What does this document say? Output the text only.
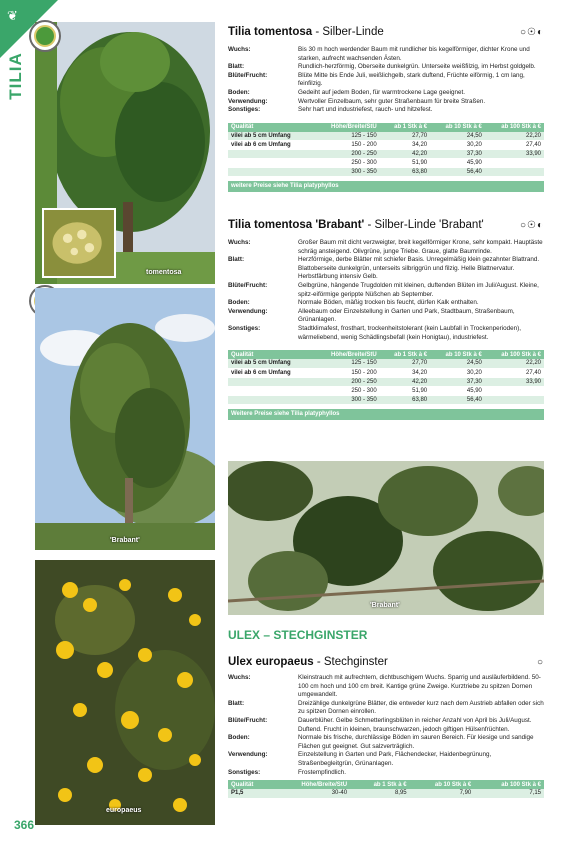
❦
TILIA
tomentosa
'Brabant'
europaeus
'Brabant'
Tilia tomentosa - Silber-Linde	○☉◐
Wuchs:	Bis 30 m hoch werdender Baum mit rundlicher bis kegelförmiger, dichter Krone und starken, aufrecht wachsenden Ästen.
Blatt:	Rundlich-herzförmig, Oberseite dunkelgrün. Unterseite weißfilzig, im Herbst goldgelb.
Blüte/Frucht:	Blüte Mitte bis Ende Juli, weißlichgelb, stark duftend, Früchte eiförmig, 1 cm lang, feinfilzig.
Boden:	Gedeiht auf jedem Boden, für warmtrockene Lage geeignet.
Verwendung:	Wertvoller Einzelbaum, sehr guter Straßenbaum für breite Straßen.
Sonstiges:	Sehr hart und industriefest, rauch- und hitzefest.
Qualität	Höhe/Breite/StU	ab 1 Stk à €	ab 10 Stk à €	ab 100 Stk à €
vilei ab 5 cm Umfang	125 - 150	27,70	24,50	22,20
vilei ab 6 cm Umfang	150 - 200	34,20	30,20	27,40
	200 - 250	42,20	37,30	33,90
	250 - 300	51,90	45,90	
	300 - 350	63,80	56,40	
weitere Preise siehe Tilia platyphyllos
Tilia tomentosa 'Brabant' - Silber-Linde 'Brabant'	○☉◐
Wuchs:	Großer Baum mit dicht verzweigter, breit kegelförmiger Krone, sehr kompakt. Hauptäste schräg ansteigend. Olivgrüne, junge Triebe. Graue, glatte Baumrinde.
Blatt:	Herzförmige, derbe Blätter mit schiefer Basis. Unregelmäßig klein gezahnter Blattrand. Blattoberseite dunkelgrün, unterseits silbriggrün und filzig. Helle Blattnervatur. Herbstfärbung intensiv Gelb.
Blüte/Frucht:	Gelbgrüne, hängende Trugdolden mit kleinen, duftenden Blüten im Juli/August. Kleine, spitz-eiförmige gerippte Nüßchen ab September.
Boden:	Normale Böden, mäßig trocken bis feucht, dürfen Kalk enthalten.
Verwendung:	Alleebaum oder Einzelstellung in Garten und Park, Stadtbaum, Straßenbaum, Grünanlagen.
Sonstiges:	Stadtklimafest, frosthart, trockenheitstolerant (kein Laubfall in Trockenperioden), wärmeliebend, wenig Schädlingsbefall (kein Honigtau), industriefest.
Qualität	Höhe/Breite/StU	ab 1 Stk à €	ab 10 Stk à €	ab 100 Stk à €
vilei ab 5 cm Umfang	125 - 150	27,70	24,50	22,20
vilei ab 6 cm Umfang	150 - 200	34,20	30,20	27,40
	200 - 250	42,20	37,30	33,90
	250 - 300	51,90	45,90	
	300 - 350	63,80	56,40	
Weitere Preise siehe Tilia platyphyllos
ULEX – STECHGINSTER
Ulex europaeus - Stechginster	○
Wuchs:	Kleinstrauch mit aufrechtem, dichtbuschigem Wuchs. Sparrig und ausläuferbildend. 50-100 cm hoch und 100 cm breit. Kantige grüne Zweige. Kurztriebe zu spitzen Dornen umgewandelt.
Blatt:	Dreizählige dunkelgrüne Blätter, die entweder kurz nach dem Austrieb abfallen oder sich zu spitzen Dornen einrollen.
Blüte/Frucht:	Dauerblüher. Gelbe Schmetterlingsblüten in reicher Anzahl von April bis Juli/August. Duftend. Frucht in kleinen, braunschwarzen, jedoch giftigen Hülsenfrüchten.
Boden:	Normale bis frische, durchlässige Böden im sauren Bereich. Für kiesige und sandige Flächen gut geeignet. Gut salzverträglich.
Verwendung:	Einzelstellung in Garten und Park, Flächendecker, Haidenbegrünung, Straßenbegleitgrün, Grünanlagen.
Sonstiges:	Frostempfindlich.
Qualität	Höhe/Breite/StU	ab 1 Stk à €	ab 10 Stk à €	ab 100 Stk à €
P1,5	30-40	8,95	7,90	7,15
366
